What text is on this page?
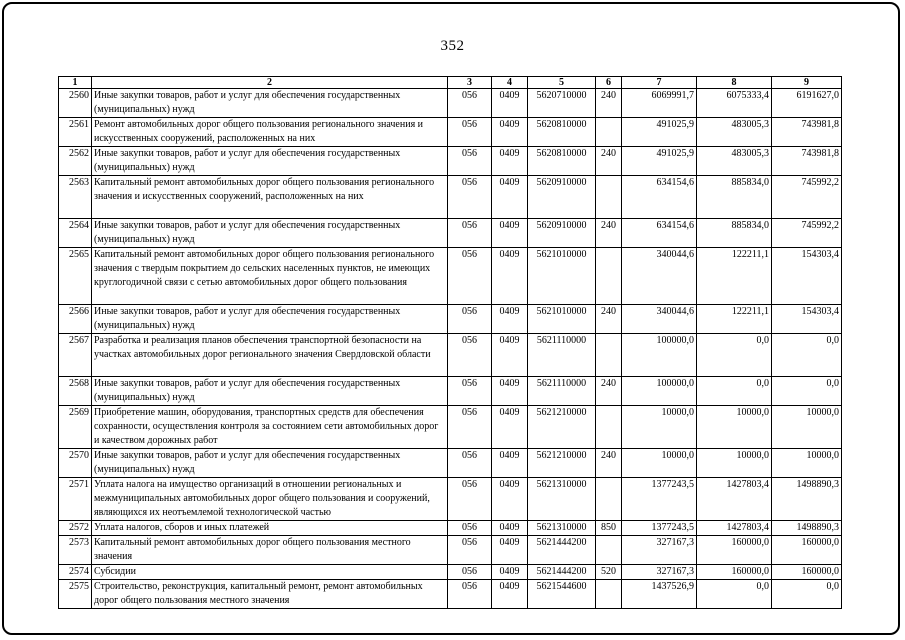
352
1	2	3	4	5	6	7	8	9
2560	Иные закупки товаров, работ и услуг для обеспечения государственных (муниципальных) нужд	056	0409	5620710000	240	6069991,7	6075333,4	6191627,0
2561	Ремонт автомобильных дорог общего пользования регионального значения и искусственных сооружений, расположенных на них	056	0409	5620810000		491025,9	483005,3	743981,8
2562	Иные закупки товаров, работ и услуг для обеспечения государственных (муниципальных) нужд	056	0409	5620810000	240	491025,9	483005,3	743981,8
2563	Капитальный ремонт автомобильных дорог общего пользования регионального значения и искусственных сооружений, расположенных на них	056	0409	5620910000		634154,6	885834,0	745992,2
2564	Иные закупки товаров, работ и услуг для обеспечения государственных (муниципальных) нужд	056	0409	5620910000	240	634154,6	885834,0	745992,2
2565	Капитальный ремонт автомобильных дорог общего пользования регионального значения с твердым покрытием до сельских населенных пунктов, не имеющих круглогодичной связи с сетью автомобильных дорог общего пользования	056	0409	5621010000		340044,6	122211,1	154303,4
2566	Иные закупки товаров, работ и услуг для обеспечения государственных (муниципальных) нужд	056	0409	5621010000	240	340044,6	122211,1	154303,4
2567	Разработка и реализация планов обеспечения транспортной безопасности на участках автомобильных дорог регионального значения Свердловской области	056	0409	5621110000		100000,0	0,0	0,0
2568	Иные закупки товаров, работ и услуг для обеспечения государственных (муниципальных) нужд	056	0409	5621110000	240	100000,0	0,0	0,0
2569	Приобретение машин, оборудования, транспортных средств для обеспечения сохранности, осуществления контроля за состоянием сети автомобильных дорог и качеством дорожных работ	056	0409	5621210000		10000,0	10000,0	10000,0
2570	Иные закупки товаров, работ и услуг для обеспечения государственных (муниципальных) нужд	056	0409	5621210000	240	10000,0	10000,0	10000,0
2571	Уплата налога на имущество организаций в отношении региональных и межмуниципальных автомобильных дорог общего пользования и сооружений, являющихся их неотъемлемой технологической частью	056	0409	5621310000		1377243,5	1427803,4	1498890,3
2572	Уплата налогов, сборов и иных платежей	056	0409	5621310000	850	1377243,5	1427803,4	1498890,3
2573	Капитальный ремонт автомобильных дорог общего пользования местного значения	056	0409	5621444200		327167,3	160000,0	160000,0
2574	Субсидии	056	0409	5621444200	520	327167,3	160000,0	160000,0
2575	Строительство, реконструкция, капитальный ремонт, ремонт автомобильных дорог общего пользования местного значения	056	0409	5621544600		1437526,9	0,0	0,0
